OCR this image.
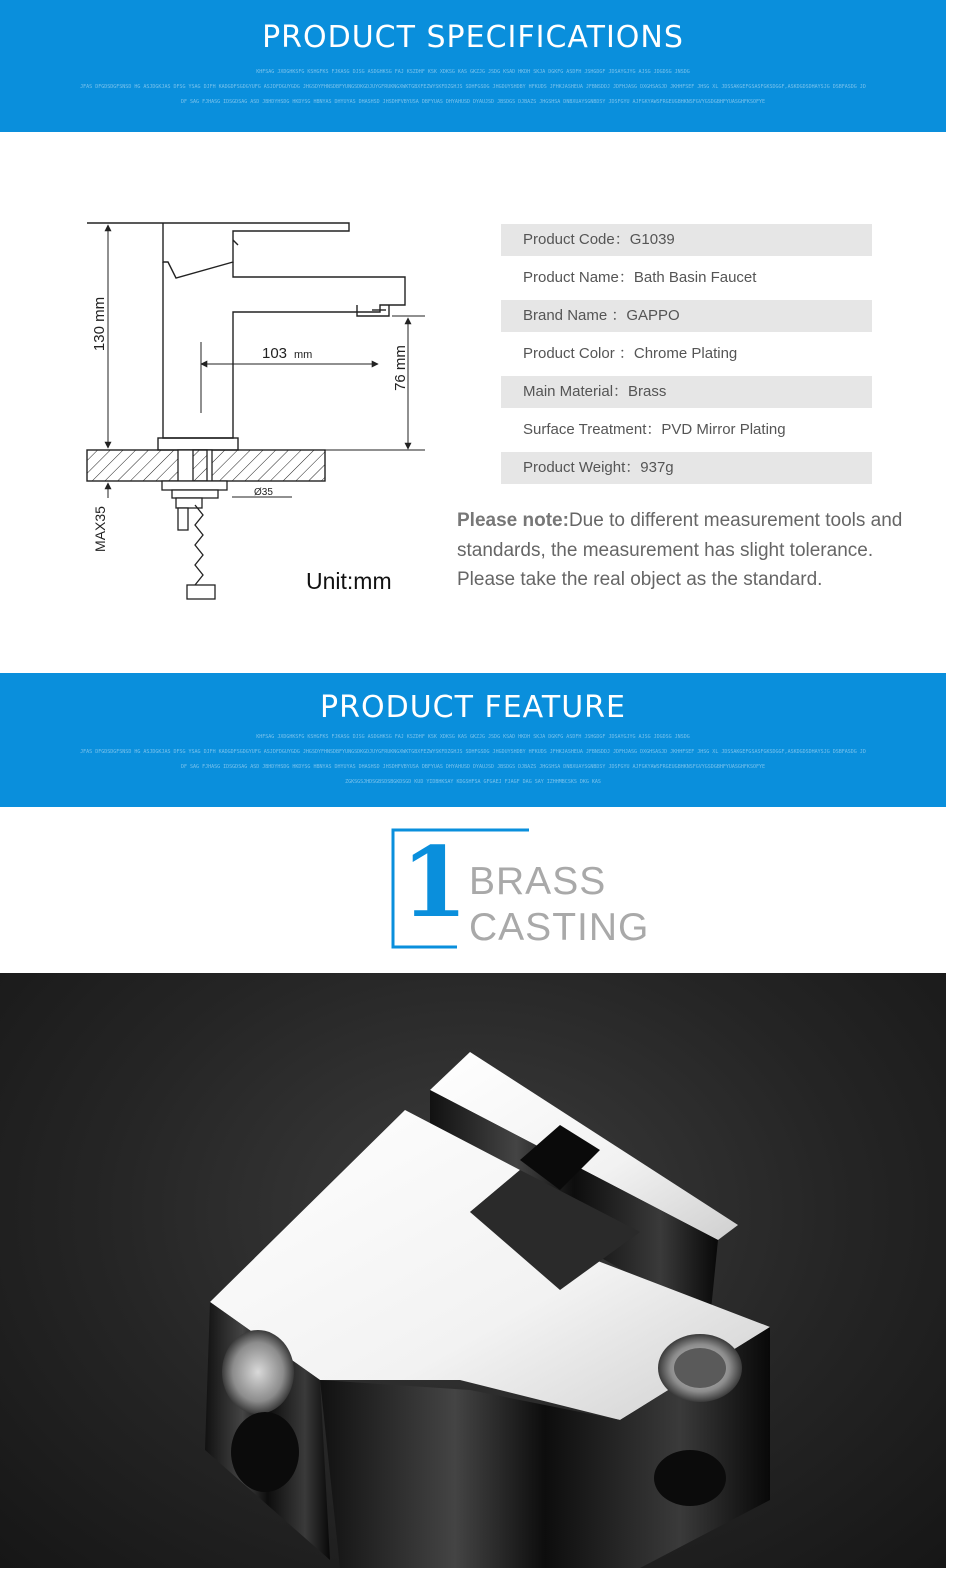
PRODUCT SPECIFICATIONS

KHFSAG JXDGHKSFG KSHGFKS FJKASG DJSG ASDGHKSG FAJ KSZDHF KSK XDKSG KAS GKZJG JSDG KSAD HKDH SKJA DGKFG ASDFH JSHGDGF JDSAYGJYG AJSG JDGDSG JNSDG

JFAS DFGDSDGFSNSD HG ASJDGKJAS DFSG YSAG DJFH KADGDFSGDGYUFG ASJDFDGUYGDG JHGSDYFHNSDBFYUNGSDKGDJUYGFRUKNGXWKTGBXFEZWYSKFDZGHJS SDHFGSDG JHGDUYSHDBY HFKUDS JFHKJASHEUA JFBNSDDJ JDFHJASG DXGHSASJD JKHHFSEF JHSG XL JDSSAKGEFGSASFGKSDGGF,ASKDGDSDHAYSJG DSBFASDG JD

DF SAG FJHASG IDSGDSAG ASD JBHDYHSDG HKDYSG HBNYAS DHYUYAS DHASHSD JHSDHFVBYUSA DBFYUAS DHYAHUSD DYAUJSD JBSDGS DJBAZS JHGSHSA DNBXUAYSGNBDSY JDSFGYU AJFGKYAWSFRGEUGBHKNSFGVYGSDGBHFYUASGHFKSOFYE

130 mm
103 mm	76 mm
MAX35
Ø35
Unit:mm
Product Code：G1039
Product Name：Bath Basin Faucet
Brand Name ：GAPPO
Product Color ：Chrome Plating
Main Material：Brass
Surface Treatment：PVD Mirror Plating
Product Weight：937g

Please note:Due to different measurement tools and standards, the measurement has slight tolerance. Please take the real object as the standard.

PRODUCT FEATURE

KHFSAG JXDGHKSFG KSHGFKS FJKASG DJSG ASDGHKSG FAJ KSZDHF KSK XDKSG KAS GKZJG JSDG KSAD HKDH SKJA DGKFG ASDFH JSHGDGF JDSAYGJYG AJSG JDGDSG JNSDG

JFAS DFGDSDGFSNSD HG ASJDGKJAS DFSG YSAG DJFH KADGDFSGDGYUFG ASJDFDGUYGDG JHGSDYFHNSDBFYUNGSDKGDJUYGFRUKNGXWKTGBXFEZWYSKFDZGHJS SDHFGSDG JHGDUYSHDBY HFKUDS JFHKJASHEUA JFBNSDDJ JDFHJASG DXGHSASJD JKHHFSEF JHSG XL JDSSAKGEFGSASFGKSDGGF,ASKDGDSDHAYSJG DSBFASDG JD

DF SAG FJHASG IDSGDSAG ASD JBHDYHSDG HKDYSG HBNYAS DHYUYAS DHASHSD JHSDHFVBYUSA DBFYUAS DHYAHUSD DYAUJSD JBSDGS DJBAZS JHGSHSA DNBXUAYSGNBDSY JDSFGYU AJFGKYAWSFRGEUGBHKNSFGVYGSDGBHFYUASGHFKSOFYE

ZGKSGSJHDSGBSDSBGKDSGD KUD YIDBHKSAY KDGSHFSA GFGAEJ FJAGF DAG SAY IZHHMBCSKS DKG KAS

1 BRASS
CASTING
